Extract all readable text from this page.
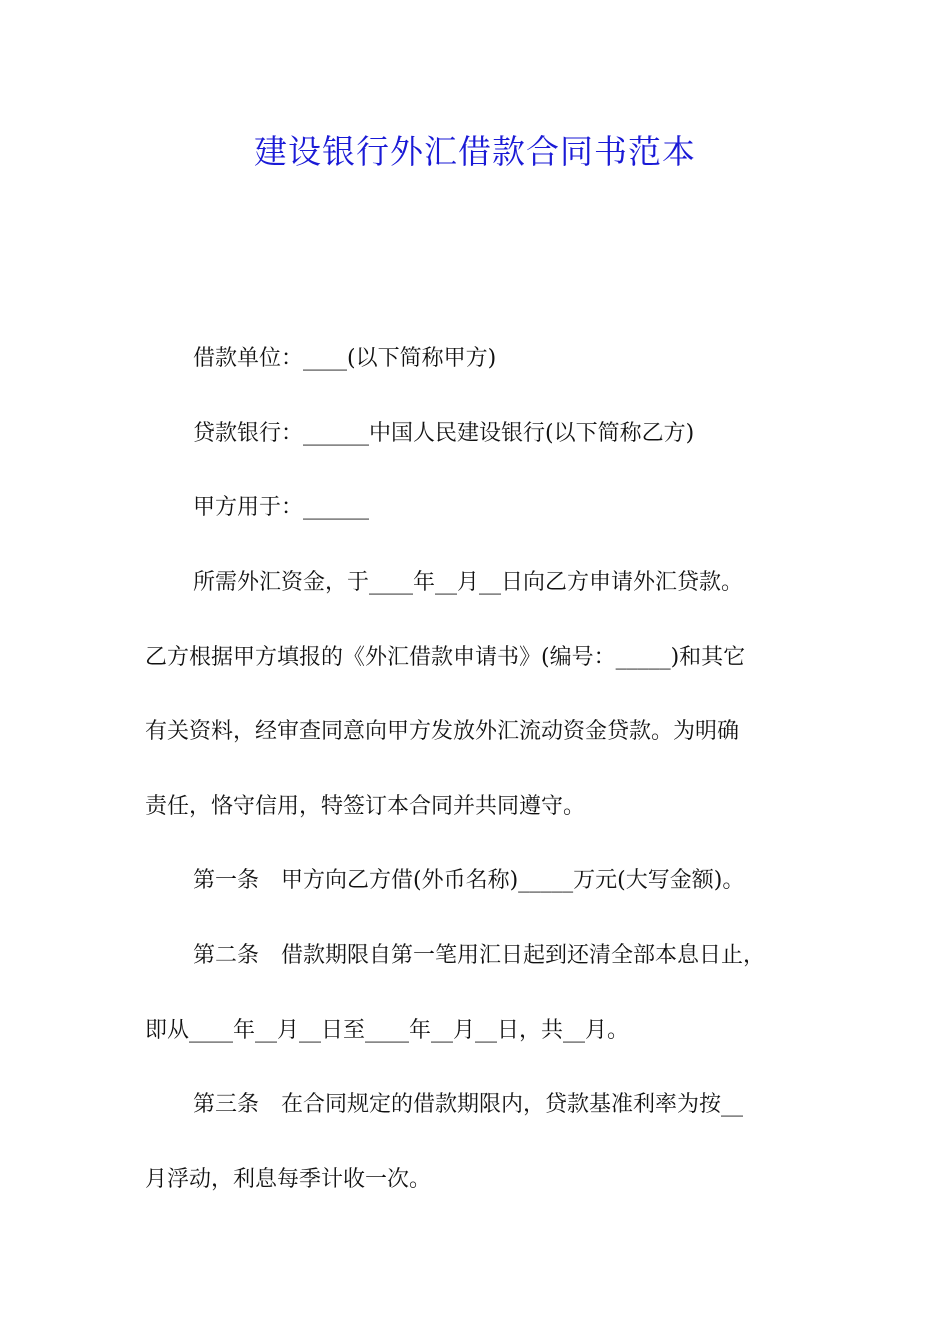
建设银行外汇借款合同书范本
借款单位：____(以下简称甲方)
贷款银行：______中国人民建设银行(以下简称乙方)
甲方用于：______
所需外汇资金，于____年__月__日向乙方申请外汇贷款。
乙方根据甲方填报的《外汇借款申请书》(编号：_____)和其它
有关资料，经审查同意向甲方发放外汇流动资金贷款。为明确
责任，恪守信用，特签订本合同并共同遵守。
第一条　甲方向乙方借(外币名称)_____万元(大写金额)。
第二条　借款期限自第一笔用汇日起到还清全部本息日止，
即从____年__月__日至____年__月__日，共__月。
第三条　在合同规定的借款期限内，贷款基准利率为按__
月浮动，利息每季计收一次。
